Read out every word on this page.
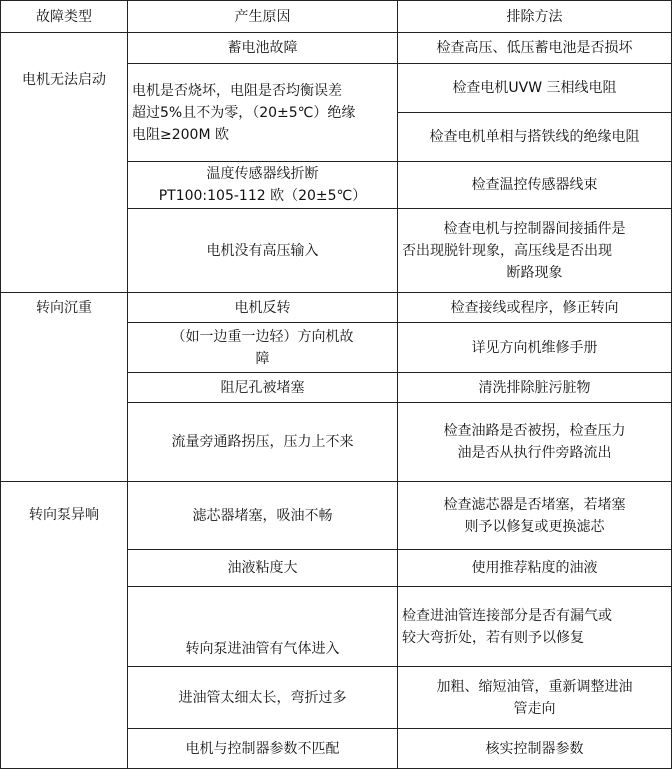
故障类型	产生原因	排除方法
电机无法启动	蓄电池故障	检查高压、低压蓄电池是否损坏

	电机是否烧坏，电阻是否均衡误差
超过5%且不为零，（20±5℃）绝缘
电阻≥200M 欧	检查电机UVW 三相线电阻
		检查电机单相与搭铁线的绝缘电阻

	温度传感器线折断
PT100:105-112 欧（20±5℃）	检查温控传感器线束
	电机没有高压输入	检查电机与控制器间接插件是
否出现脱针现象，高压线是否出现
断路现象

转向沉重	电机反转	检查接线或程序，修正转向

	（如一边重一边轻）方向机故
障	详见方向机维修手册
	阻尼孔被堵塞	清洗排除脏污脏物
	流量旁通路拐压，压力上不来	检查油路是否被拐，检查压力
油是否从执行件旁路流出

转向泵异响	滤芯器堵塞，吸油不畅	检查滤芯器是否堵塞，若堵塞
则予以修复或更换滤芯

	油液粘度大	使用推荐粘度的油液
	转向泵进油管有气体进入	检查进油管连接部分是否有漏气或
较大弯折处，若有则予以修复

	进油管太细太长，弯折过多	加粗、缩短油管，重新调整进油
管走向

	电机与控制器参数不匹配	核实控制器参数
